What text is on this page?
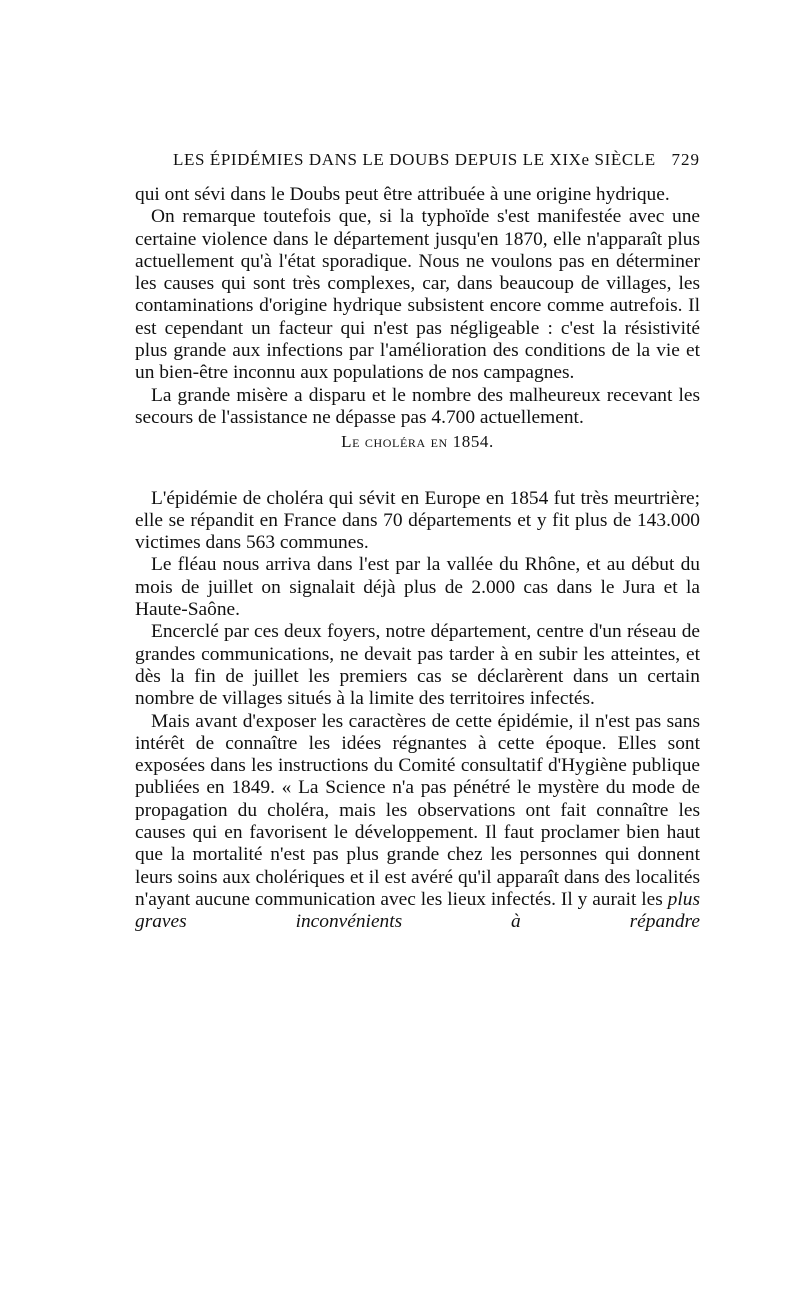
LES ÉPIDÉMIES DANS LE DOUBS DEPUIS LE XIXe SIÈCLE 729

qui ont sévi dans le Doubs peut être attribuée à une origine hydrique.

On remarque toutefois que, si la typhoïde s'est manifestée avec une certaine violence dans le département jusqu'en 1870, elle n'apparaît plus actuellement qu'à l'état sporadique. Nous ne voulons pas en déterminer les causes qui sont très complexes, car, dans beaucoup de villages, les contaminations d'origine hydrique subsistent encore comme autrefois. Il est cependant un facteur qui n'est pas négligeable : c'est la résistivité plus grande aux infections par l'amélioration des conditions de la vie et un bien-être inconnu aux populations de nos campagnes.

La grande misère a disparu et le nombre des malheureux recevant les secours de l'assistance ne dépasse pas 4.700 actuellement.

Le choléra en 1854.

L'épidémie de choléra qui sévit en Europe en 1854 fut très meurtrière; elle se répandit en France dans 70 départements et y fit plus de 143.000 victimes dans 563 communes.

Le fléau nous arriva dans l'est par la vallée du Rhône, et au début du mois de juillet on signalait déjà plus de 2.000 cas dans le Jura et la Haute-Saône.

Encerclé par ces deux foyers, notre département, centre d'un réseau de grandes communications, ne devait pas tarder à en subir les atteintes, et dès la fin de juillet les premiers cas se déclarèrent dans un certain nombre de villages situés à la limite des territoires infectés.

Mais avant d'exposer les caractères de cette épidémie, il n'est pas sans intérêt de connaître les idées régnantes à cette époque. Elles sont exposées dans les instructions du Comité consultatif d'Hygiène publique publiées en 1849. « La Science n'a pas pénétré le mystère du mode de propagation du choléra, mais les observations ont fait connaître les causes qui en favorisent le développement. Il faut proclamer bien haut que la mortalité n'est pas plus grande chez les personnes qui donnent leurs soins aux cholériques et il est avéré qu'il apparaît dans des localités n'ayant aucune communication avec les lieux infectés. Il y aurait les plus graves inconvénients à répandre
